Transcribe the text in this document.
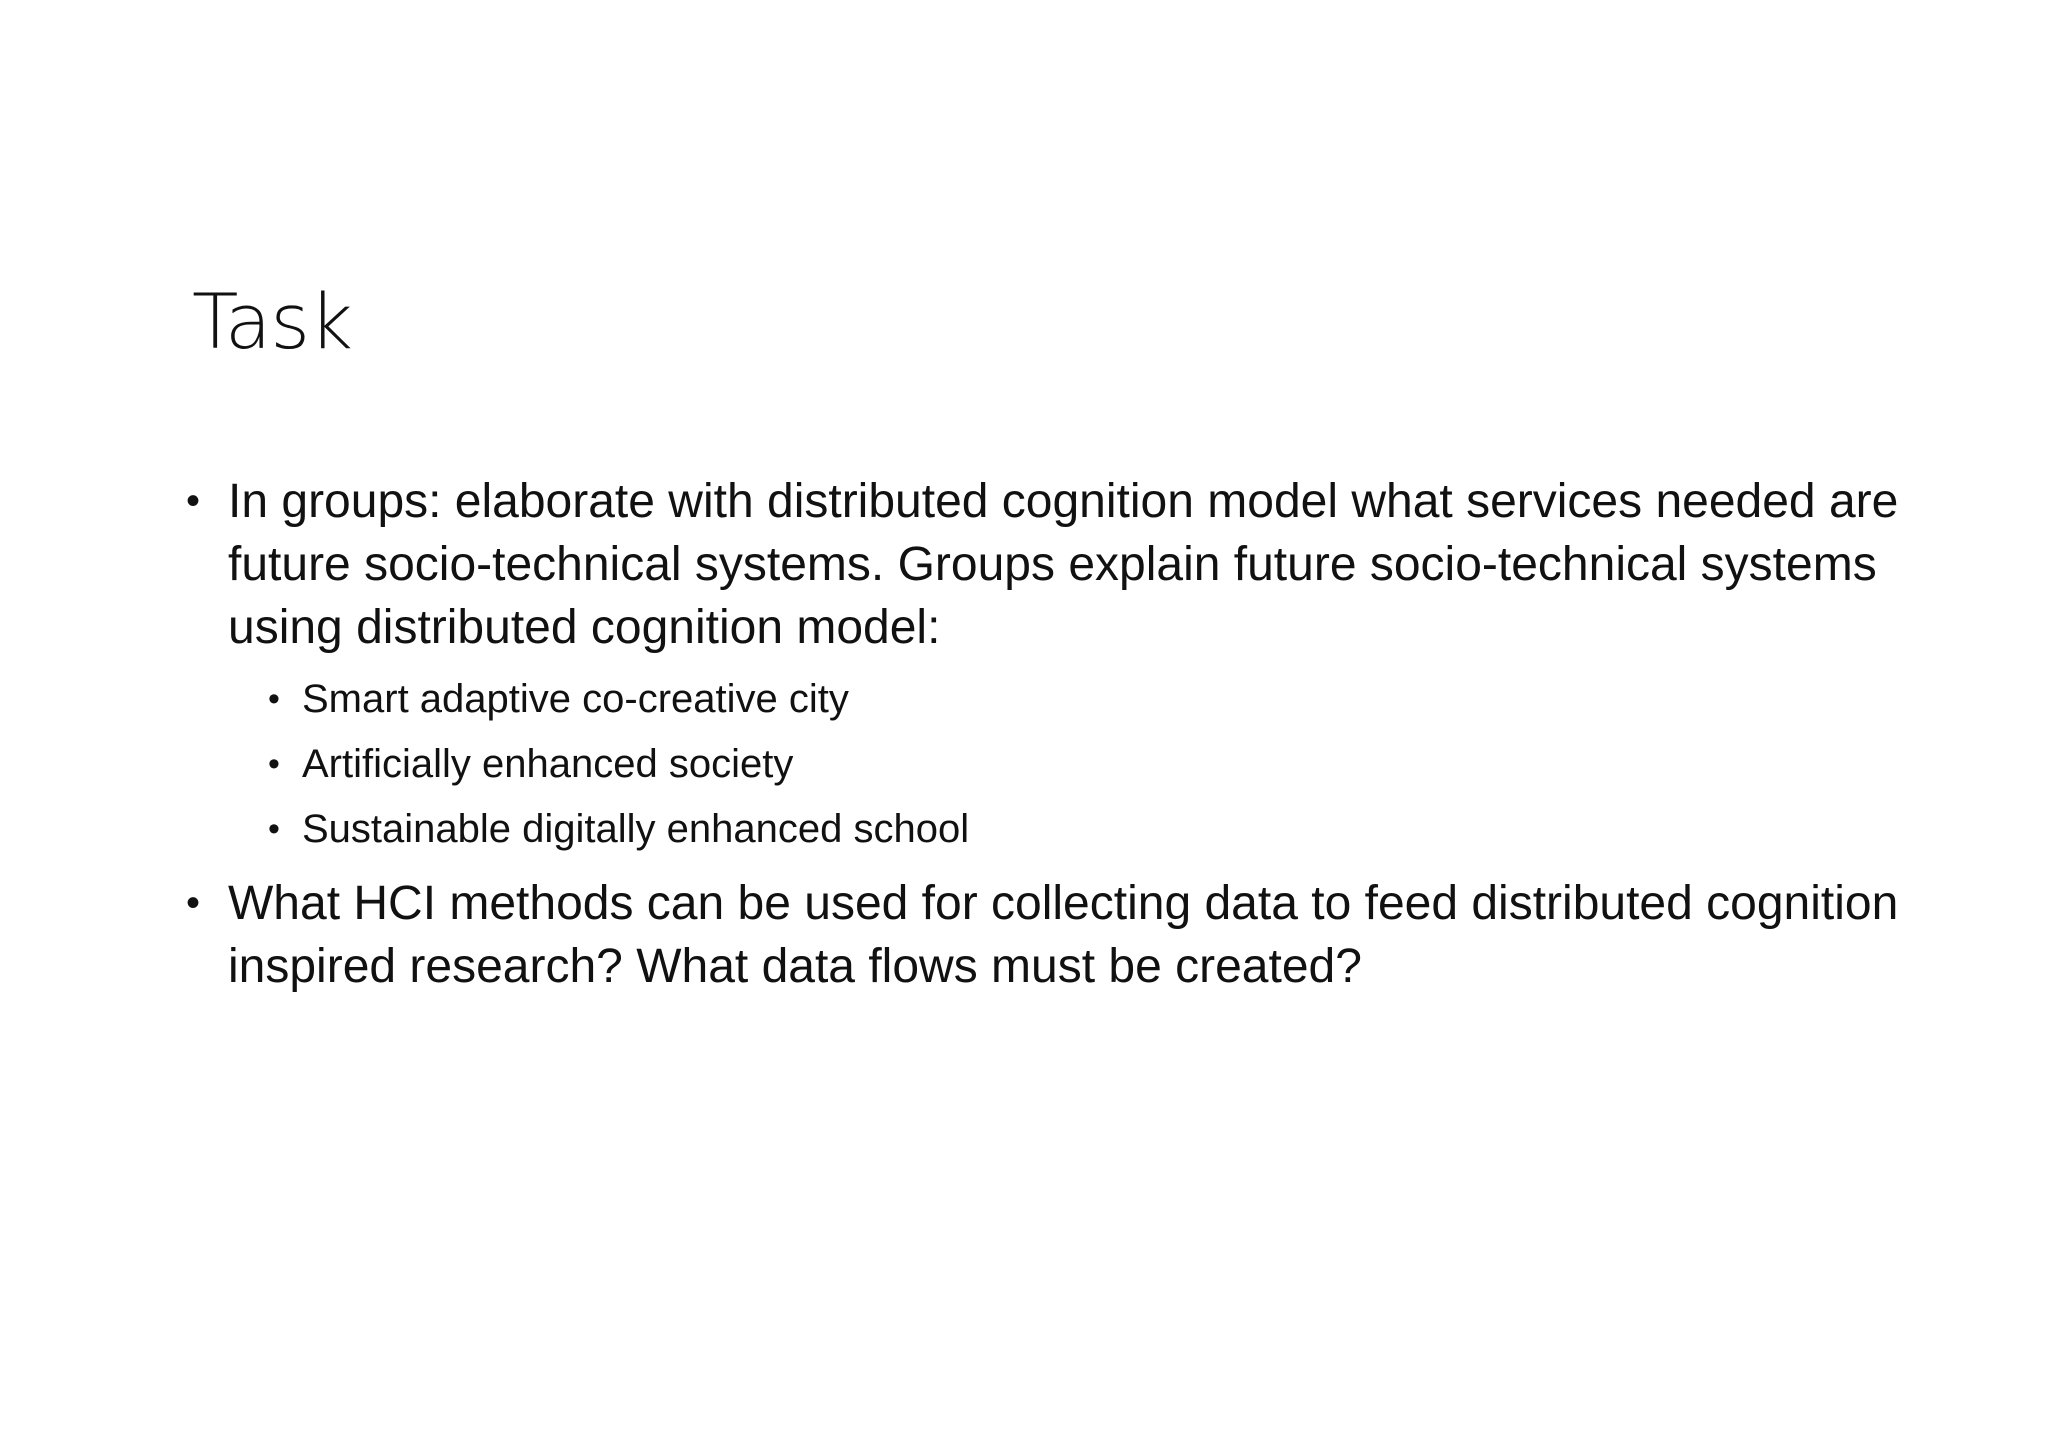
Task
• In groups: elaborate with distributed cognition model what services needed are future socio-technical systems. Groups explain future socio-technical systems using distributed cognition model:
• Smart adaptive co-creative city
• Artificially enhanced society
• Sustainable digitally enhanced school
• What HCI methods can be used for collecting data to feed distributed cognition inspired research? What data flows must be created?
